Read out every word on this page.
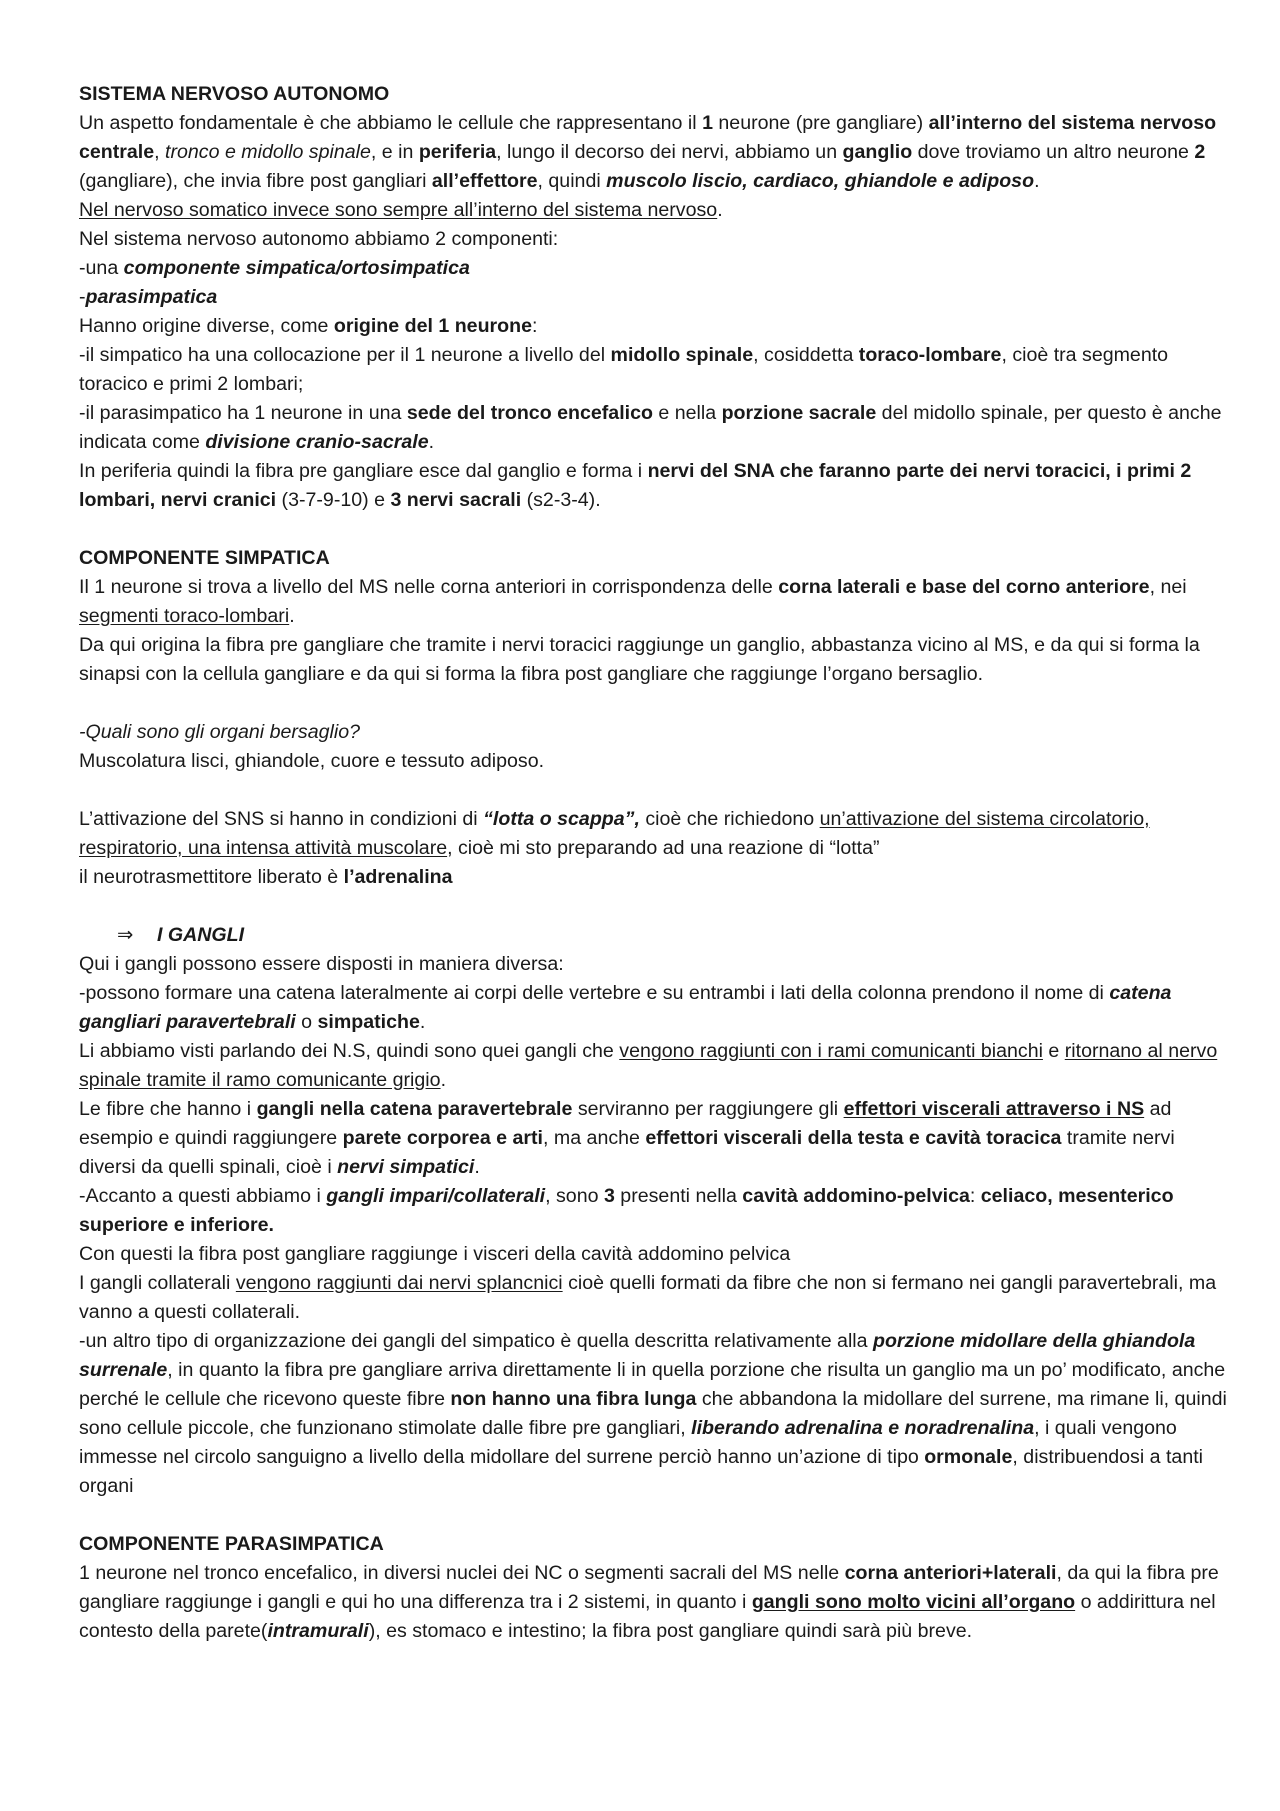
SISTEMA NERVOSO AUTONOMO

Un aspetto fondamentale è che abbiamo le cellule che rappresentano il 1 neurone (pre gangliare) all’interno del sistema nervoso centrale, tronco e midollo spinale, e in periferia, lungo il decorso dei nervi, abbiamo un ganglio dove troviamo un altro neurone 2 (gangliare), che invia fibre post gangliari all’effettore, quindi muscolo liscio, cardiaco, ghiandole e adiposo.

Nel nervoso somatico invece sono sempre all’interno del sistema nervoso.

Nel sistema nervoso autonomo abbiamo 2 componenti:

-una componente simpatica/ortosimpatica

-parasimpatica

Hanno origine diverse, come origine del 1 neurone:

-il simpatico ha una collocazione per il 1 neurone a livello del midollo spinale, cosiddetta toraco-lombare, cioè tra segmento toracico e primi 2 lombari;

-il parasimpatico ha 1 neurone in una sede del tronco encefalico e nella porzione sacrale del midollo spinale, per questo è anche indicata come divisione cranio-sacrale.

In periferia quindi la fibra pre gangliare esce dal ganglio e forma i nervi del SNA che faranno parte dei nervi toracici, i primi 2 lombari, nervi cranici (3-7-9-10) e 3 nervi sacrali (s2-3-4).

COMPONENTE SIMPATICA

Il 1 neurone si trova a livello del MS nelle corna anteriori in corrispondenza delle corna laterali e base del corno anteriore, nei segmenti toraco-lombari.

Da qui origina la fibra pre gangliare che tramite i nervi toracici raggiunge un ganglio, abbastanza vicino al MS, e da qui si forma la sinapsi con la cellula gangliare e da qui si forma la fibra post gangliare che raggiunge l’organo bersaglio.

-Quali sono gli organi bersaglio?

Muscolatura lisci, ghiandole, cuore e tessuto adiposo.

L’attivazione del SNS si hanno in condizioni di “lotta o scappa”, cioè che richiedono un’attivazione del sistema circolatorio, respiratorio, una intensa attività muscolare, cioè mi sto preparando ad una reazione di “lotta”

il neurotrasmettitore liberato è l’adrenalina

⇒ I GANGLI

Qui i gangli possono essere disposti in maniera diversa:

-possono formare una catena lateralmente ai corpi delle vertebre e su entrambi i lati della colonna prendono il nome di catena gangliari paravertebrali o simpatiche.

Li abbiamo visti parlando dei N.S, quindi sono quei gangli che vengono raggiunti con i rami comunicanti bianchi e ritornano al nervo spinale tramite il ramo comunicante grigio.

Le fibre che hanno i gangli nella catena paravertebrale serviranno per raggiungere gli effettori viscerali attraverso i NS ad esempio e quindi raggiungere parete corporea e arti, ma anche effettori viscerali della testa e cavità toracica tramite nervi diversi da quelli spinali, cioè i nervi simpatici.

-Accanto a questi abbiamo i gangli impari/collaterali, sono 3 presenti nella cavità addomino-pelvica: celiaco, mesenterico superiore e inferiore.

Con questi la fibra post gangliare raggiunge i visceri della cavità addomino pelvica

I gangli collaterali vengono raggiunti dai nervi splancnici cioè quelli formati da fibre che non si fermano nei gangli paravertebrali, ma vanno a questi collaterali.

-un altro tipo di organizzazione dei gangli del simpatico è quella descritta relativamente alla porzione midollare della ghiandola surrenale, in quanto la fibra pre gangliare arriva direttamente li in quella porzione che risulta un ganglio ma un po’ modificato, anche perché le cellule che ricevono queste fibre non hanno una fibra lunga che abbandona la midollare del surrene, ma rimane li, quindi sono cellule piccole, che funzionano stimolate dalle fibre pre gangliari, liberando adrenalina e noradrenalina, i quali vengono immesse nel circolo sanguigno a livello della midollare del surrene perciò hanno un’azione di tipo ormonale, distribuendosi a tanti organi

COMPONENTE PARASIMPATICA

1 neurone nel tronco encefalico, in diversi nuclei dei NC o segmenti sacrali del MS nelle corna anteriori+laterali, da qui la fibra pre gangliare raggiunge i gangli e qui ho una differenza tra i 2 sistemi, in quanto i gangli sono molto vicini all’organo o addirittura nel contesto della parete(intramurali), es stomaco e intestino; la fibra post gangliare quindi sarà più breve.
